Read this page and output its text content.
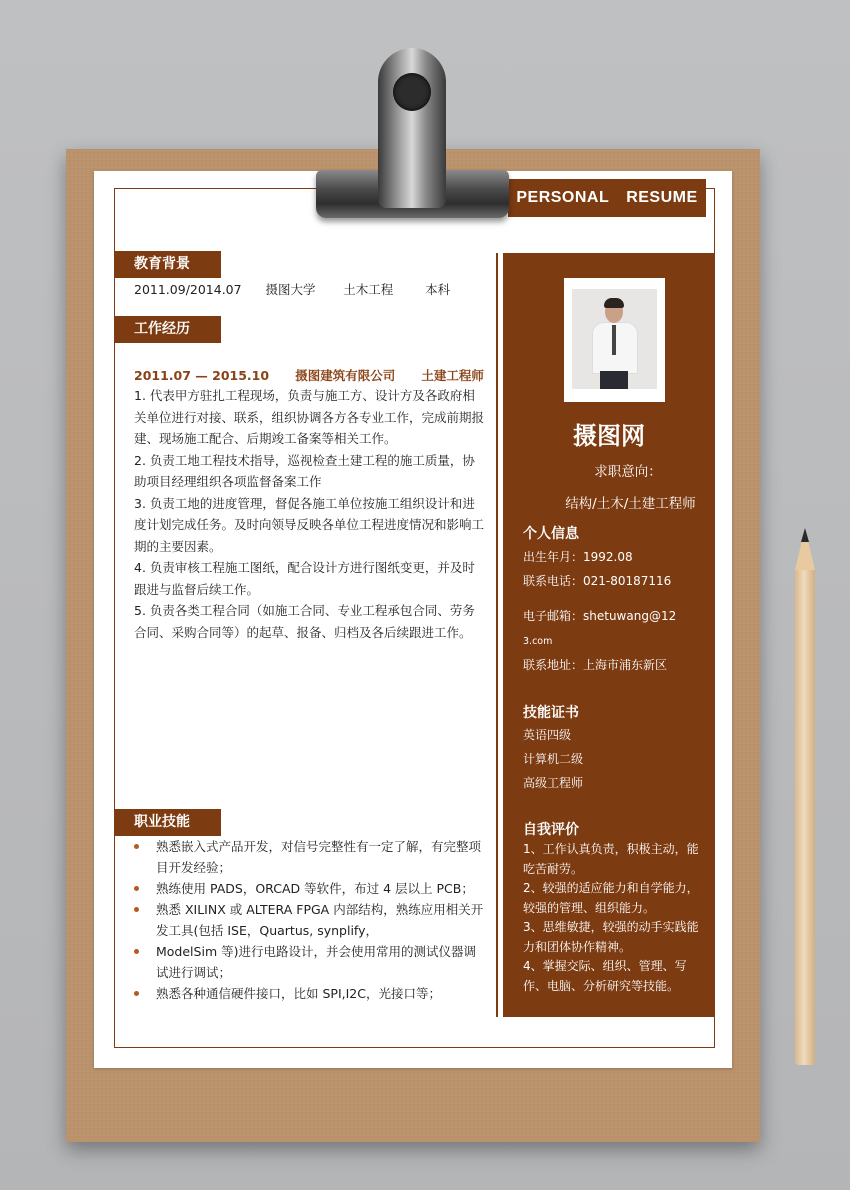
PERSONAL RESUME
教育背景
2011.09/2014.07 摄图大学 土木工程	本科
工作经历
2011.07 — 2015.10 摄图建筑有限公司 土建工程师

1. 代表甲方驻扎工程现场，负责与施工方、设计方及各政府相关单位进行对接、联系，组织协调各方各专业工作，完成前期报建、现场施工配合、后期竣工备案等相关工作。

2. 负责工地工程技术指导，巡视检查土建工程的施工质量，协助项目经理组织各项监督备案工作

3. 负责工地的进度管理，督促各施工单位按施工组织设计和进度计划完成任务。及时向领导反映各单位工程进度情况和影响工期的主要因素。

4. 负责审核工程施工图纸，配合设计方进行图纸变更，并及时跟进与监督后续工作。

5. 负责各类工程合同（如施工合同、专业工程承包合同、劳务合同、采购合同等）的起草、报备、归档及各后续跟进工作。

职业技能
熟悉嵌入式产品开发，对信号完整性有一定了解，有完整项目开发经验；
熟练使用 PADS，ORCAD 等软件，布过 4 层以上 PCB；
熟悉 XILINX 或 ALTERA FPGA 内部结构，熟练应用相关开发工具(包括 ISE，Quartus, synplify，
ModelSim 等)进行电路设计，并会使用常用的测试仪器调试进行调试；
熟悉各种通信硬件接口，比如 SPI,I2C，光接口等；
摄图网
求职意向：
结构/土木/土建工程师
个人信息
出生年月：1992.08
联系电话：021-80187116
电子邮箱：shetuwang@12
3.com
联系地址：上海市浦东新区
技能证书
英语四级
计算机二级
高级工程师
自我评价

1、工作认真负责，积极主动，能吃苦耐劳。

2、较强的适应能力和自学能力，较强的管理、组织能力。

3、思维敏捷，较强的动手实践能力和团体协作精神。

4、掌握交际、组织、管理、写作、电脑、分析研究等技能。
